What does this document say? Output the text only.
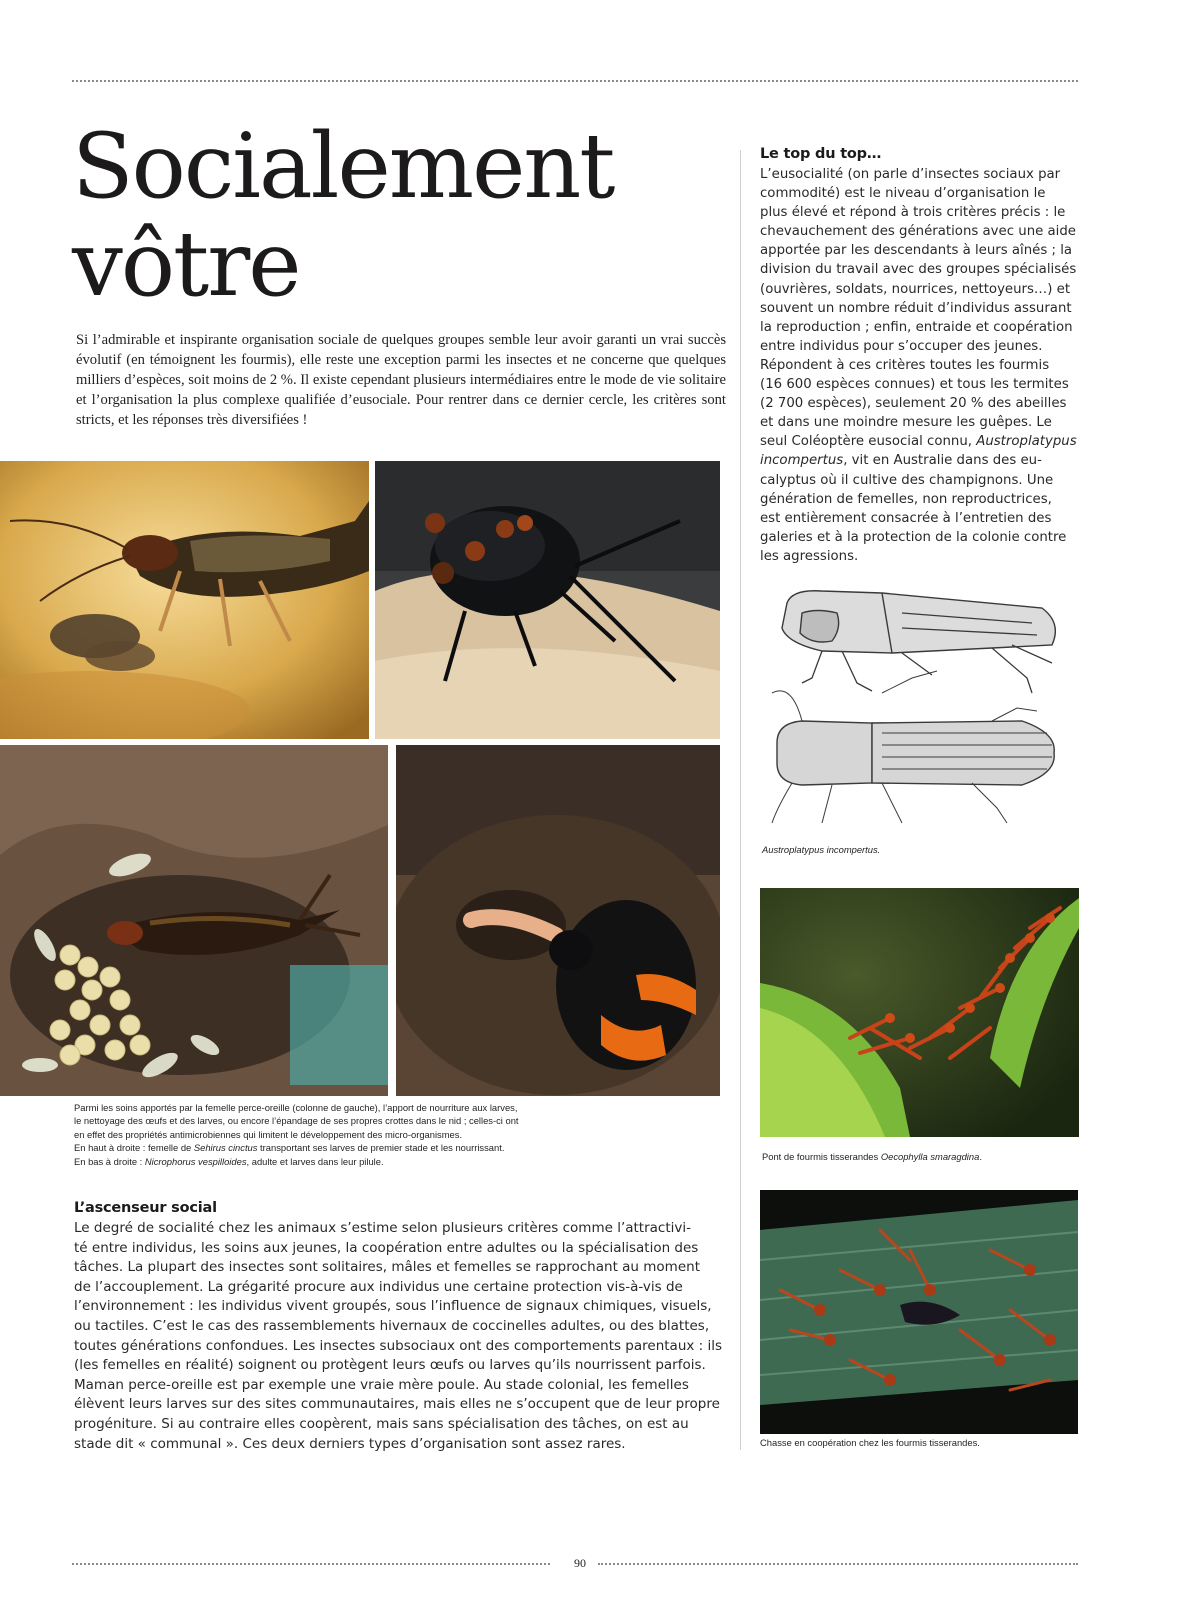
Socialement
vôtre

Si l’admirable et inspirante organisation sociale de quelques groupes semble leur avoir garanti un vrai succès évolutif (en témoignent les fourmis), elle reste une exception parmi les insectes et ne concerne que quelques milliers d’espèces, soit moins de 2 %. Il existe cependant plusieurs intermédiaires entre le mode de vie solitaire et l’organisation la plus complexe qualifiée d’eusociale. Pour rentrer dans ce dernier cercle, les critères sont stricts, et les réponses très diversifiées !

Parmi les soins apportés par la femelle perce-oreille (colonne de gauche), l’apport de nourriture aux larves,
le nettoyage des œufs et des larves, ou encore l’épandage de ses propres crottes dans le nid ; celles-ci ont
en effet des propriétés antimicrobiennes qui limitent le développement des micro-organismes.
En haut à droite : femelle de Sehirus cinctus transportant ses larves de premier stade et les nourrissant.
En bas à droite : Nicrophorus vespilloides, adulte et larves dans leur pilule.

L’ascenseur social
Le degré de socialité chez les animaux s’estime selon plusieurs critères comme l’attractivi-
té entre individus, les soins aux jeunes, la coopération entre adultes ou la spécialisation des
tâches. La plupart des insectes sont solitaires, mâles et femelles se rapprochant au moment
de l’accouplement. La grégarité procure aux individus une certaine protection vis-à-vis de
l’environnement : les individus vivent groupés, sous l’influence de signaux chimiques, visuels,
ou tactiles. C’est le cas des rassemblements hivernaux de coccinelles adultes, ou des blattes,
toutes générations confondues. Les insectes subsociaux ont des comportements parentaux : ils
(les femelles en réalité) soignent ou protègent leurs œufs ou larves qu’ils nourrissent parfois.
Maman perce-oreille est par exemple une vraie mère poule. Au stade colonial, les femelles
élèvent leurs larves sur des sites communautaires, mais elles ne s’occupent que de leur propre
progéniture. Si au contraire elles coopèrent, mais sans spécialisation des tâches, on est au
stade dit « communal ». Ces deux derniers types d’organisation sont assez rares.
Le top du top…
L’eusocialité (on parle d’insectes sociaux par
commodité) est le niveau d’organisation le
plus élevé et répond à trois critères précis : le
chevauchement des générations avec une aide
apportée par les descendants à leurs aînés ; la
division du travail avec des groupes spécialisés
(ouvrières, soldats, nourrices, nettoyeurs…) et
souvent un nombre réduit d’individus assurant
la reproduction ; enfin, entraide et coopération
entre individus pour s’occuper des jeunes.
Répondent à ces critères toutes les fourmis
(16 600 espèces connues) et tous les termites
(2 700 espèces), seulement 20 % des abeilles
et dans une moindre mesure les guêpes. Le
seul Coléoptère eusocial connu, Austroplatypus
incompertus, vit en Australie dans des eu-
calyptus où il cultive des champignons. Une
génération de femelles, non reproductrices,
est entièrement consacrée à l’entretien des
galeries et à la protection de la colonie contre
les agressions.

Austroplatypus incompertus.

Pont de fourmis tisserandes Oecophylla smaragdina.

Chasse en coopération chez les fourmis tisserandes.

90
